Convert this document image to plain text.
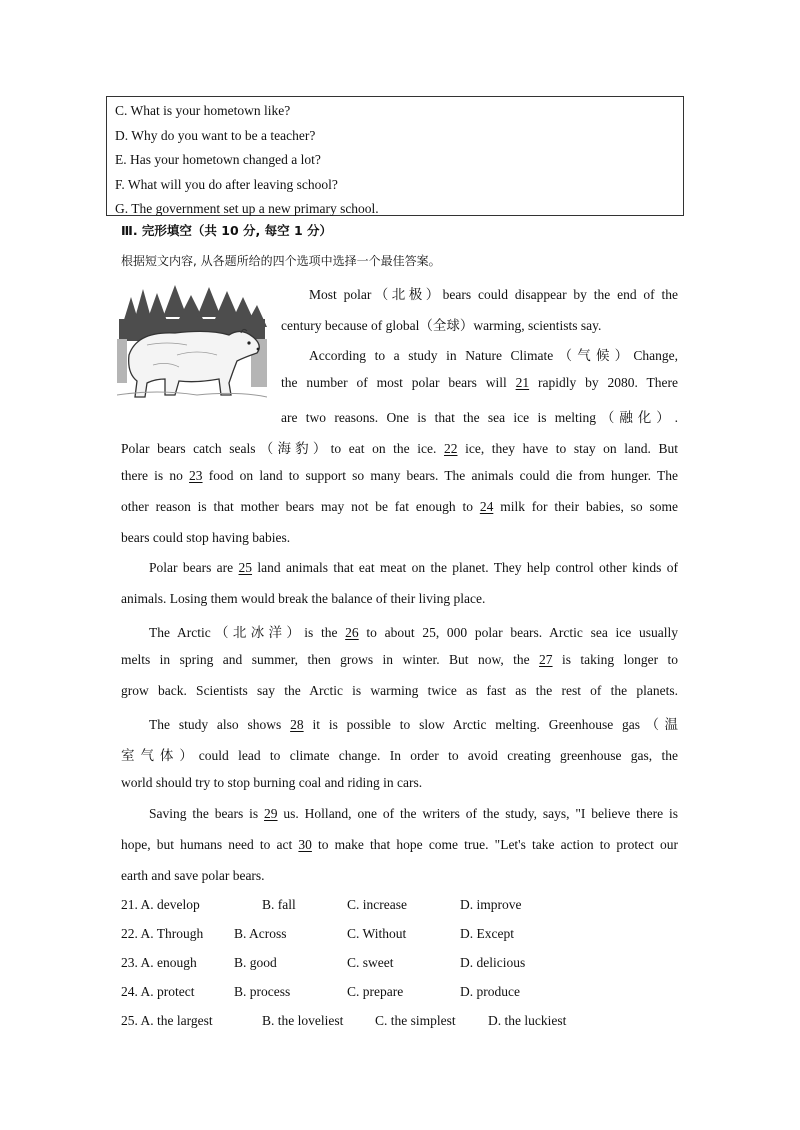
C. What is your hometown like?
D. Why do you want to be a teacher?
E. Has your hometown changed a lot?
F. What will you do after leaving school?
G. The government set up a new primary school.
Ⅲ. 完形填空（共 10 分, 每空 1 分）
根据短文内容, 从各题所给的四个选项中选择一个最佳答案。
Most polar（北极）bears could disappear by the end of the
century because of global（全球）warming, scientists say.
According to a study in Nature Climate（气候）Change,
the number of most polar bears will 21 rapidly by 2080. There
are two reasons. One is that the sea ice is melting（融化）.
Polar bears catch seals（海豹）to eat on the ice. 22 ice, they have to stay on land. But
there is no 23 food on land to support so many bears. The animals could die from hunger. The
other reason is that mother bears may not be fat enough to 24 milk for their babies, so some
bears could stop having babies.
Polar bears are 25 land animals that eat meat on the planet. They help control other kinds of
animals. Losing them would break the balance of their living place.
The Arctic（北冰洋）is the 26 to about 25, 000 polar bears. Arctic sea ice usually
melts in spring and summer, then grows in winter. But now, the 27 is taking longer to
grow back. Scientists say the Arctic is warming twice as fast as the rest of the planets.
The study also shows 28 it is possible to slow Arctic melting. Greenhouse gas（温
室气体）could lead to climate change. In order to avoid creating greenhouse gas, the
world should try to stop burning coal and riding in cars.
Saving the bears is 29 us. Holland, one of the writers of the study, says, "I believe there is
hope, but humans need to act 30 to make that hope come true. "Let's take action to protect our
earth and save polar bears.
21. A. develop	B. fall	C. increase	D. improve
22. A. Through B. Across	C. Without	D. Except
23. A. enough	B. good	C. sweet	D. delicious
24. A. protect	B. process	C. prepare	D. produce
25. A. the largest	B. the loveliest C. the simplest D. the luckiest
